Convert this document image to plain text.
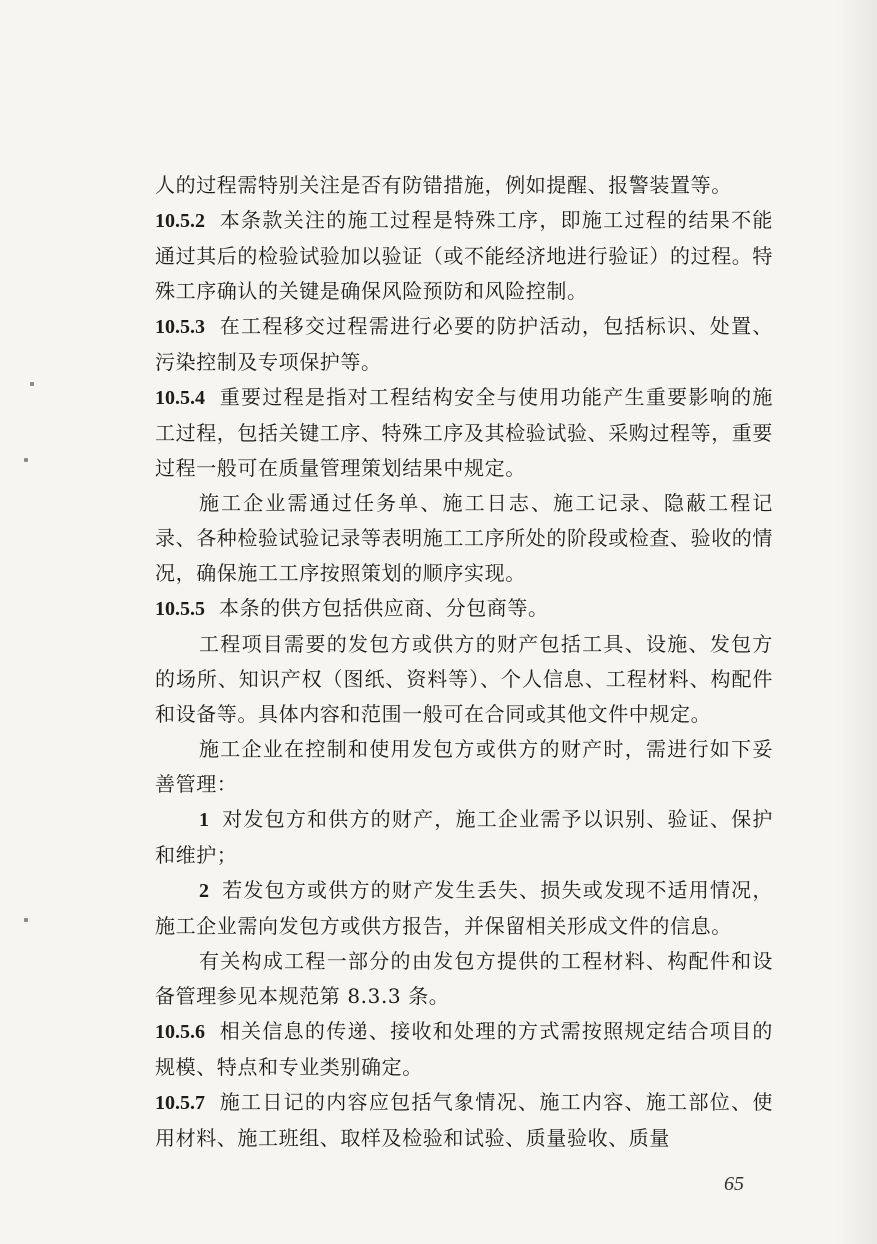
人的过程需特别关注是否有防错措施，例如提醒、报警装置等。

10.5.2 本条款关注的施工过程是特殊工序，即施工过程的结果不能通过其后的检验试验加以验证（或不能经济地进行验证）的过程。特殊工序确认的关键是确保风险预防和风险控制。

10.5.3 在工程移交过程需进行必要的防护活动，包括标识、处置、污染控制及专项保护等。

10.5.4 重要过程是指对工程结构安全与使用功能产生重要影响的施工过程，包括关键工序、特殊工序及其检验试验、采购过程等，重要过程一般可在质量管理策划结果中规定。

施工企业需通过任务单、施工日志、施工记录、隐蔽工程记录、各种检验试验记录等表明施工工序所处的阶段或检查、验收的情况，确保施工工序按照策划的顺序实现。

10.5.5 本条的供方包括供应商、分包商等。

工程项目需要的发包方或供方的财产包括工具、设施、发包方的场所、知识产权（图纸、资料等）、个人信息、工程材料、构配件和设备等。具体内容和范围一般可在合同或其他文件中规定。

施工企业在控制和使用发包方或供方的财产时，需进行如下妥善管理：

1 对发包方和供方的财产，施工企业需予以识别、验证、保护和维护；

2 若发包方或供方的财产发生丢失、损失或发现不适用情况，施工企业需向发包方或供方报告，并保留相关形成文件的信息。

有关构成工程一部分的由发包方提供的工程材料、构配件和设备管理参见本规范第 8.3.3 条。

10.5.6 相关信息的传递、接收和处理的方式需按照规定结合项目的规模、特点和专业类别确定。

10.5.7 施工日记的内容应包括气象情况、施工内容、施工部位、使用材料、施工班组、取样及检验和试验、质量验收、质量

65
